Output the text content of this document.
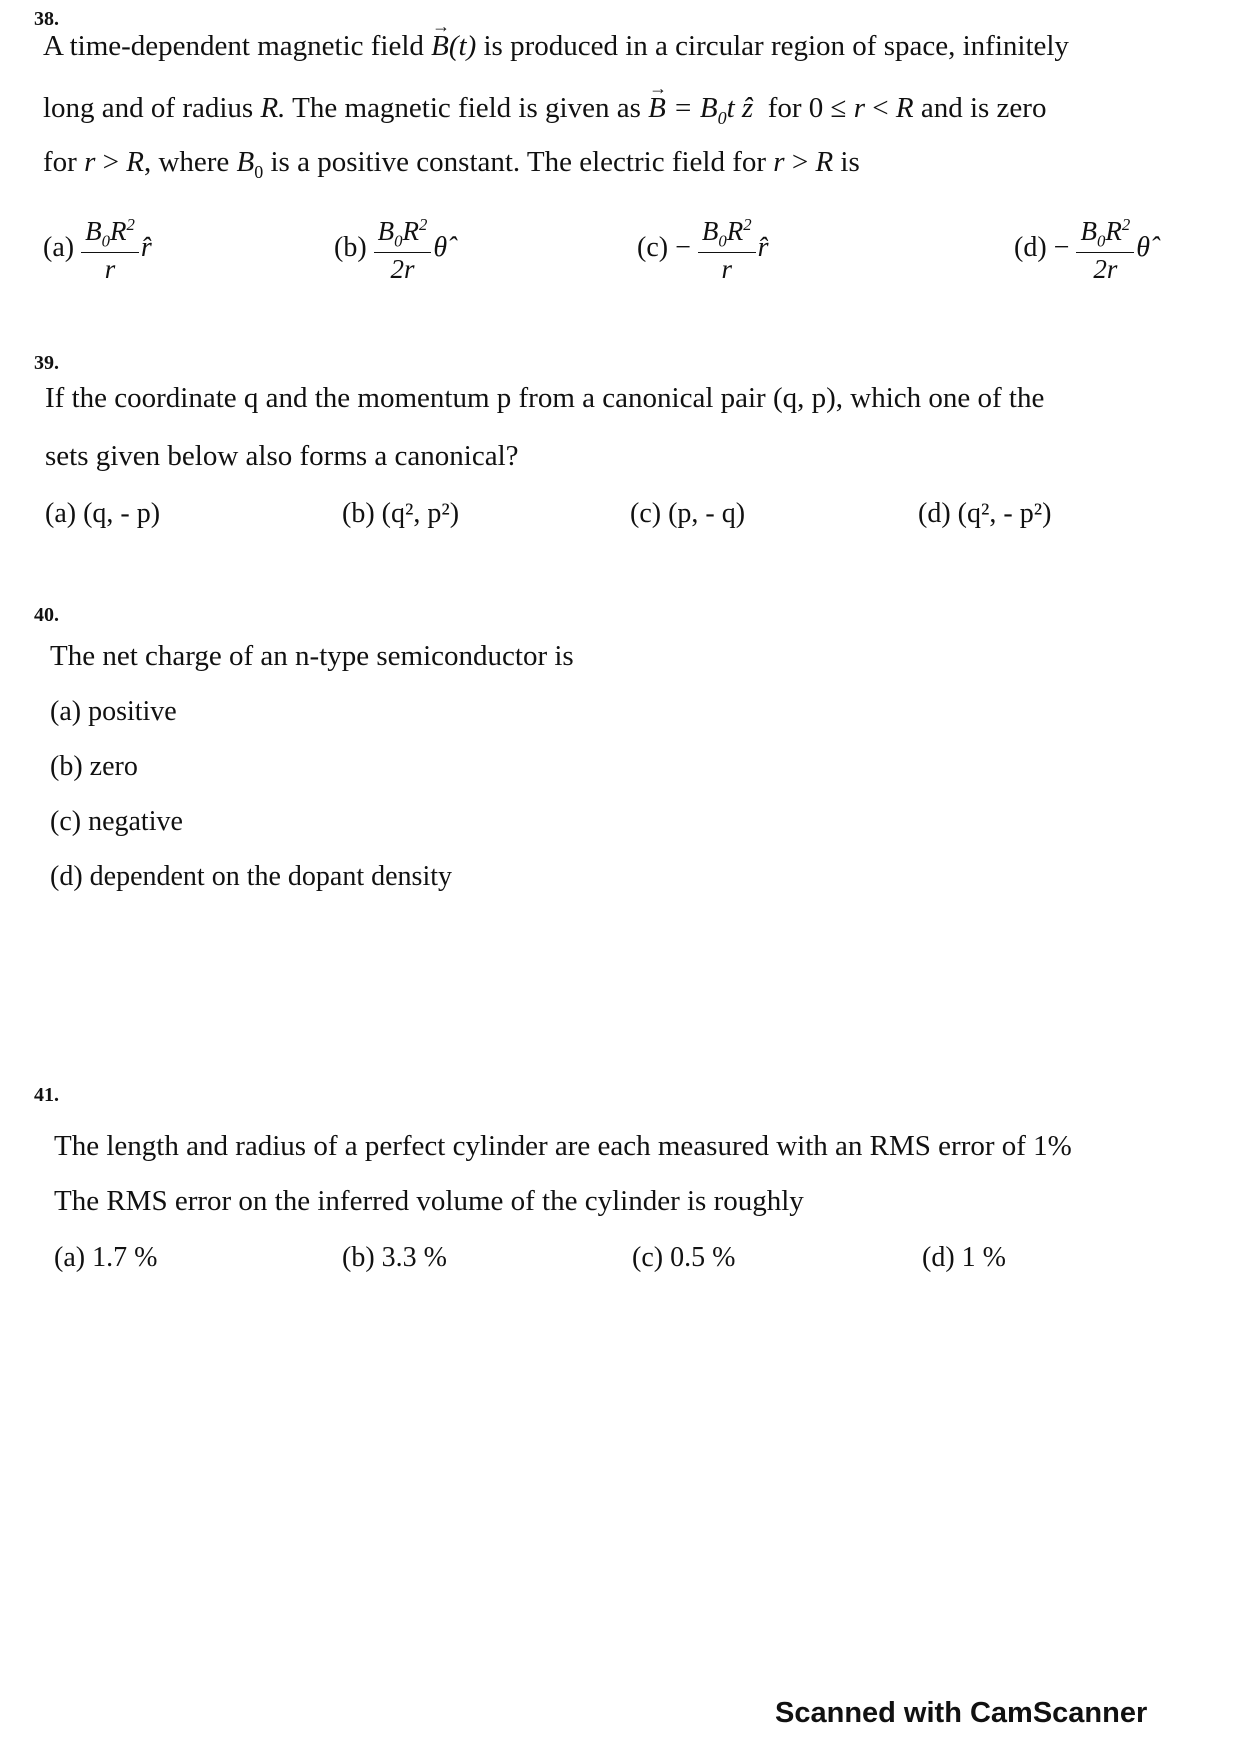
38.
A time-dependent magnetic field → B(t) is produced in a circular region of space, infinitely
long and of radius R. The magnetic field is given as → $B = B_0t$ ẑ  for 0 ≤ r < R and is zero
for r > R, where $B_0$ is a positive constant. The electric field for r > R is
$(a) \frac{B_0R^2}{r}$ r̂	$(b) \frac{B_0R^2}{2r}$ θ̂	$(c) - \frac{B_0R^2}{r}$ r̂	$(d) - \frac{B_0R^2}{2r}$ θ̂
39.
If the coordinate q and the momentum p from a canonical pair (q, p), which one of the
sets given below also forms a canonical?
(a) (q, - p)	(b) (q², p²)	(c) (p, - q)	(d) (q², - p²)
40.
The net charge of an n-type semiconductor is
(a) positive
(b) zero
(c) negative
(d) dependent on the dopant density
41.
The length and radius of a perfect cylinder are each measured with an RMS error of 1%
The RMS error on the inferred volume of the cylinder is roughly
(a) 1.7 %	(b) 3.3 %	(c) 0.5 %	(d) 1 %
Scanned with CamScanner
